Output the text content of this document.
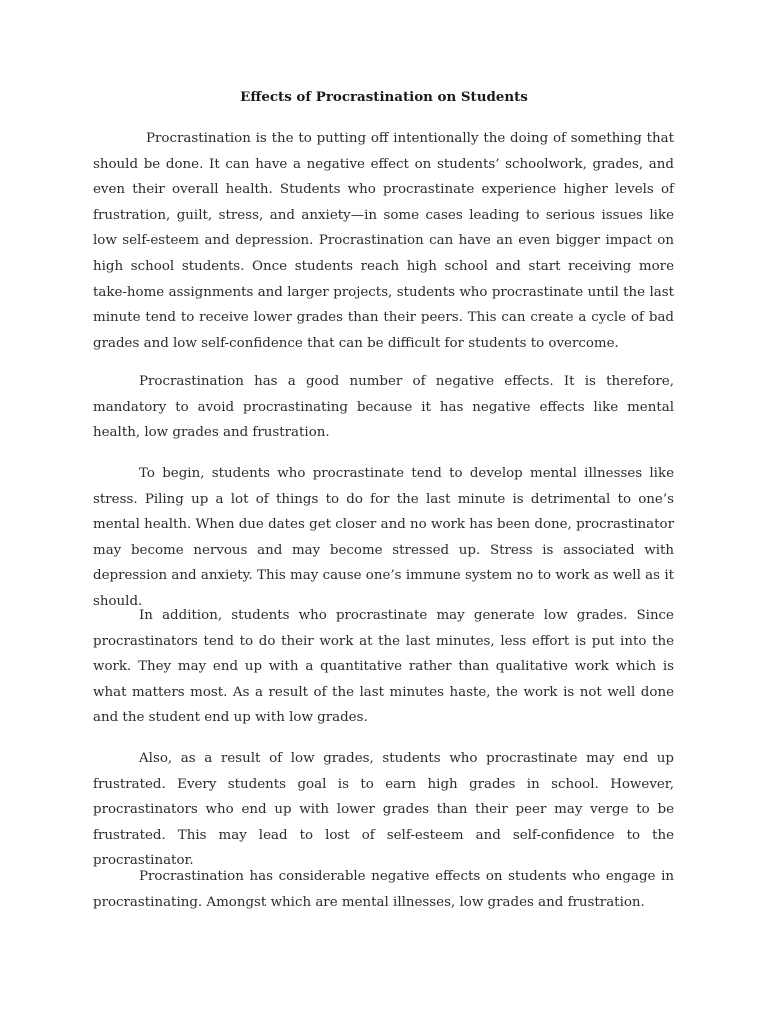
Effects of Procrastination on Students

Procrastination is the to putting off intentionally the doing of something that should be done. It can have a negative effect on students’ schoolwork, grades, and even their overall health. Students who procrastinate experience higher levels of frustration, guilt, stress, and anxiety—in some cases leading to serious issues like low self-esteem and depression. Procrastination can have an even bigger impact on high school students. Once students reach high school and start receiving more take-home assignments and larger projects, students who procrastinate until the last minute tend to receive lower grades than their peers. This can create a cycle of bad grades and low self-confidence that can be difficult for students to overcome.

Procrastination has a good number of negative effects. It is therefore, mandatory to avoid procrastinating because it has negative effects like mental health, low grades and frustration.

To begin, students who procrastinate tend to develop mental illnesses like stress. Piling up a lot of things to do for the last minute is detrimental to one’s mental health. When due dates get closer and no work has been done, procrastinator may become nervous and may become stressed up. Stress is associated with depression and anxiety. This may cause one’s immune system no to work as well as it should.

In addition, students who procrastinate may generate low grades. Since procrastinators tend to do their work at the last minutes, less effort is put into the work. They may end up with a quantitative rather than qualitative work which is what matters most. As a result of the last minutes haste, the work is not well done and the student end up with low grades.

Also, as a result of low grades, students who procrastinate may end up frustrated. Every students goal is to earn high grades in school. However, procrastinators who end up with lower grades than their peer may verge to be frustrated. This may lead to lost of self-esteem and self-confidence to the procrastinator.

Procrastination has considerable negative effects on students who engage in procrastinating. Amongst which are mental illnesses, low grades and frustration.
